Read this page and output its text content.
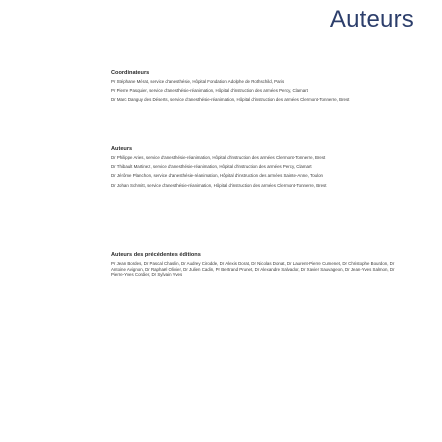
Auteurs
Coordinateurs
Pr Stéphane Mérat, service d'anesthésie, Hôpital Fondation Adolphe de Rothschild, Paris
Pr Pierre Pasquier, service d'anesthésie-réanimation, Hôpital d'instruction des armées Percy, Clamart
Dr Marc Danguy des Déserts, service d'anesthésie-réanimation, Hôpital d'instruction des armées Clermont-Tonnerre, Brest
Auteurs
Dr Philippe Aries, service d'anesthésie-réanimation, Hôpital d'instruction des armées Clermont-Tonnerre, Brest
Dr Thibault Martinez, service d'anesthésie-réanimation, Hôpital d'instruction des armées Percy, Clamart
Dr Jérôme Planchon, service d'anesthésie-réanimation, Hôpital d'instruction des armées Sainte-Anne, Toulon
Dr Johan Schmitt, service d'anesthésie-réanimation, Hôpital d'instruction des armées Clermont-Tonnerre, Brest
Auteurs des précédentes éditions
Pr Jean Bordes, Dr Pascal Chaslin, Dr Audrey Cirodde, Dr Alexis Dorat, Dr Nicolas Donat, Dr Laurent-Pierre Cumenet, Dr Christophe Bourdon, Dr Antoine Avignon, Dr Raphaël Olivier, Dr Julien Cadin, Pr Bertrand Prunet, Dr Alexandre Salvador, Dr Xavier Sauvageon, Dr Jean-Yves Salmon, Dr Pierre-Yves Cordier, Dr Sylvain Yves
